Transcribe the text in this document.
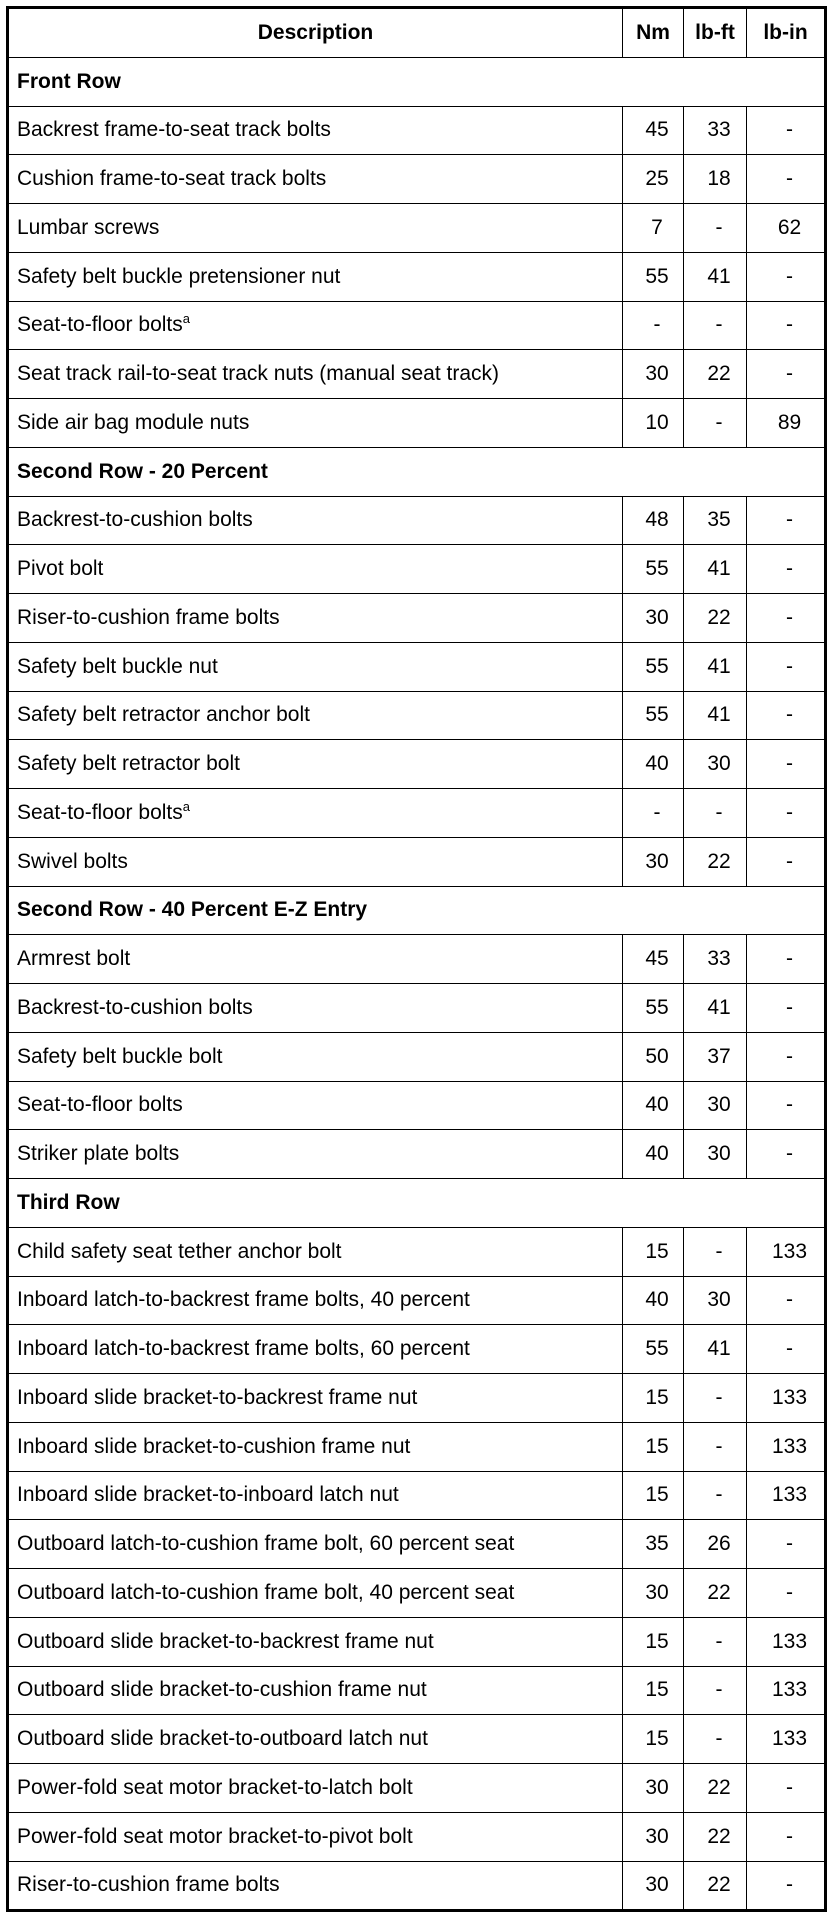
Description	Nm	lb-ft	lb-in
Front Row			
Backrest frame-to-seat track bolts	45	33	-
Cushion frame-to-seat track bolts	25	18	-
Lumbar screws	7	-	62
Safety belt buckle pretensioner nut	55	41	-
Seat-to-floor bolts$^a$	-	-	-
Seat track rail-to-seat track nuts (manual seat track)	30	22	-
Side air bag module nuts	10	-	89
Second Row - 20 Percent			
Backrest-to-cushion bolts	48	35	-
Pivot bolt	55	41	-
Riser-to-cushion frame bolts	30	22	-
Safety belt buckle nut	55	41	-
Safety belt retractor anchor bolt	55	41	-
Safety belt retractor bolt	40	30	-
Seat-to-floor bolts$^a$	-	-	-
Swivel bolts	30	22	-
Second Row - 40 Percent E-Z Entry			
Armrest bolt	45	33	-
Backrest-to-cushion bolts	55	41	-
Safety belt buckle bolt	50	37	-
Seat-to-floor bolts	40	30	-
Striker plate bolts	40	30	-
Third Row			
Child safety seat tether anchor bolt	15	-	133
Inboard latch-to-backrest frame bolts, 40 percent	40	30	-
Inboard latch-to-backrest frame bolts, 60 percent	55	41	-
Inboard slide bracket-to-backrest frame nut	15	-	133
Inboard slide bracket-to-cushion frame nut	15	-	133
Inboard slide bracket-to-inboard latch nut	15	-	133
Outboard latch-to-cushion frame bolt, 60 percent seat	35	26	-
Outboard latch-to-cushion frame bolt, 40 percent seat	30	22	-
Outboard slide bracket-to-backrest frame nut	15	-	133
Outboard slide bracket-to-cushion frame nut	15	-	133
Outboard slide bracket-to-outboard latch nut	15	-	133
Power-fold seat motor bracket-to-latch bolt	30	22	-
Power-fold seat motor bracket-to-pivot bolt	30	22	-
Riser-to-cushion frame bolts	30	22	-
